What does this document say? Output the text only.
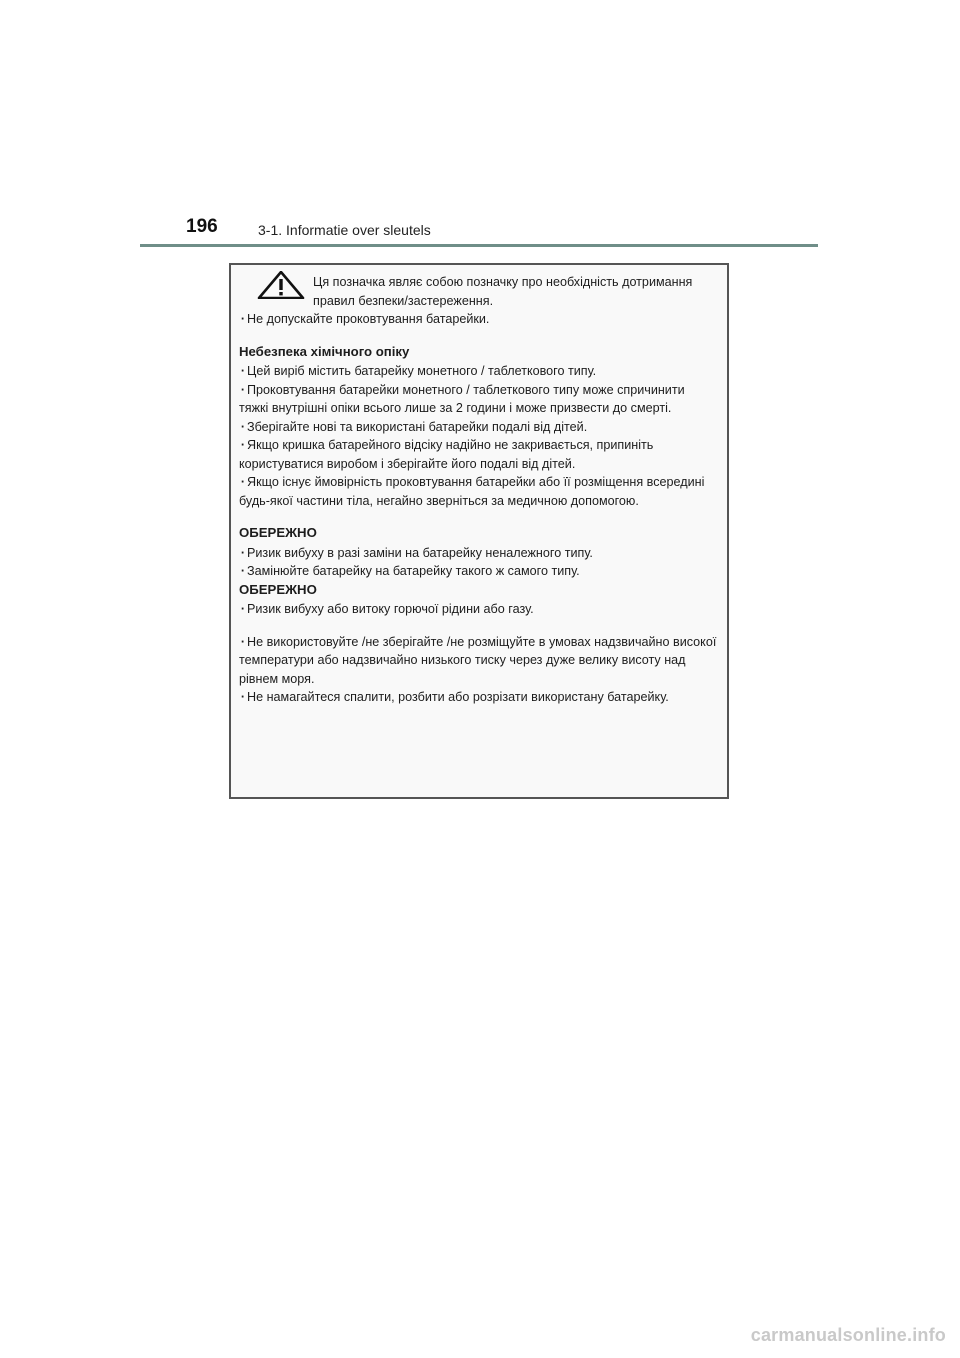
196	3-1. Informatie over sleutels
Ця позначка являє собою позначку про необхідність дотримання правил безпеки/застереження.
· Не допускайте проковтування батарейки.
Небезпека хімічного опіку
· Цей виріб містить батарейку монетного / таблеткового типу.
· Проковтування батарейки монетного / таблеткового типу може спричинити тяжкі внутрішні опіки всього лише за 2 години і може призвести до смерті.
· Зберігайте нові та використані батарейки подалі від дітей.
· Якщо кришка батарейного відсіку надійно не закривається, припиніть користуватися виробом і зберігайте його подалі від дітей.
· Якщо існує ймовірність проковтування батарейки або її розміщення всередині будь-якої частини тіла, негайно зверніться за медичною допомогою.
ОБЕРЕЖНО
· Ризик вибуху в разі заміни на батарейку неналежного типу.
· Замінюйте батарейку на батарейку такого ж самого типу.
ОБЕРЕЖНО
· Ризик вибуху або витоку горючої рідини або газу.
· Не використовуйте /не зберігайте /не розміщуйте в умовах надзвичайно високої температури або надзвичайно низького тиску через дуже велику висоту над рівнем моря.
· Не намагайтеся спалити, розбити або розрізати використану батарейку.
carmanualsonline.info
